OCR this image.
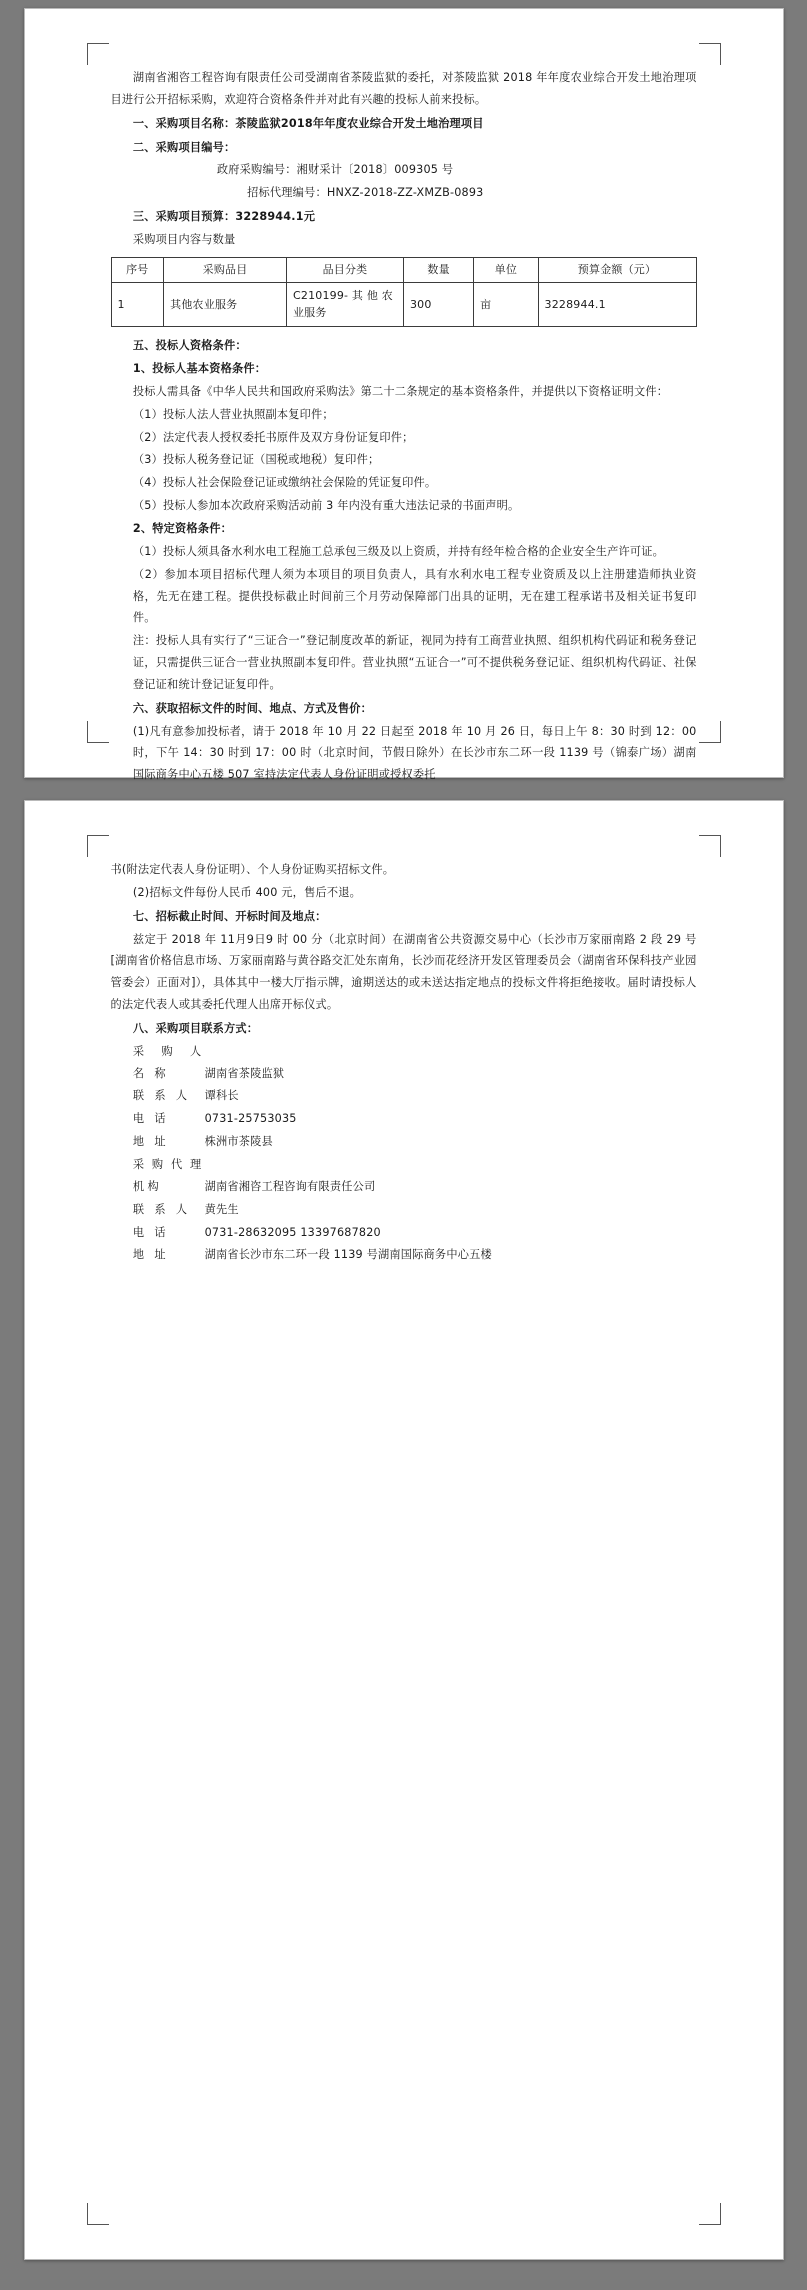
湖南省湘咨工程咨询有限责任公司受湖南省茶陵监狱的委托，对茶陵监狱 2018 年年度农业综合开发土地治理项目进行公开招标采购，欢迎符合资格条件并对此有兴趣的投标人前来投标。

一、采购项目名称：茶陵监狱2018年年度农业综合开发土地治理项目

二、采购项目编号：

政府采购编号：湘财采计〔2018〕009305 号

招标代理编号：HNXZ-2018-ZZ-XMZB-0893

三、采购项目预算：3228944.1元

采购项目内容与数量

序号	采购品目	品目分类	数量	单位	预算金额（元）
1	其他农业服务	C210199- 其 他 农业服务	300	亩	3228944.1

五、投标人资格条件：

1、投标人基本资格条件：

投标人需具备《中华人民共和国政府采购法》第二十二条规定的基本资格条件，并提供以下资格证明文件：

（1）投标人法人营业执照副本复印件；

（2）法定代表人授权委托书原件及双方身份证复印件；

（3）投标人税务登记证（国税或地税）复印件；

（4）投标人社会保险登记证或缴纳社会保险的凭证复印件。

（5）投标人参加本次政府采购活动前 3 年内没有重大违法记录的书面声明。

2、特定资格条件：

（1）投标人须具备水利水电工程施工总承包三级及以上资质，并持有经年检合格的企业安全生产许可证。

（2）参加本项目招标代理人须为本项目的项目负责人，具有水利水电工程专业资质及以上注册建造师执业资格，先无在建工程。提供投标截止时间前三个月劳动保障部门出具的证明，无在建工程承诺书及相关证书复印件。

注：投标人具有实行了“三证合一”登记制度改革的新证，视同为持有工商营业执照、组织机构代码证和税务登记证，只需提供三证合一营业执照副本复印件。营业执照“五证合一”可不提供税务登记证、组织机构代码证、社保登记证和统计登记证复印件。

六、获取招标文件的时间、地点、方式及售价：

(1)凡有意参加投标者，请于 2018 年 10 月 22 日起至 2018 年 10 月 26 日，每日上午 8：30 时到 12：00 时，下午 14：30 时到 17：00 时（北京时间，节假日除外）在长沙市东二环一段 1139 号（锦泰广场）湖南国际商务中心五楼 507 室持法定代表人身份证明或授权委托

书(附法定代表人身份证明）、个人身份证购买招标文件。

(2)招标文件每份人民币 400 元，售后不退。

七、招标截止时间、开标时间及地点：

兹定于 2018 年 11月9日9 时 00 分（北京时间）在湖南省公共资源交易中心（长沙市万家丽南路 2 段 29 号 [湖南省价格信息市场、万家丽南路与黄谷路交汇处东南角，长沙而花经济开发区管理委员会（湖南省环保科技产业园管委会）正面对]），具体其中一楼大厅指示牌，逾期送达的或未送达指定地点的投标文件将拒绝接收。届时请投标人的法定代表人或其委托代理人出席开标仪式。

八、采购项目联系方式：

采 购 人 名 称	湖南省茶陵监狱

联 系 人 谭科长

电 话	0731-25753035

地 址	株洲市茶陵县

采购代理机构	湖南省湘咨工程咨询有限责任公司

联 系 人 黄先生

电 话	0731-28632095 13397687820

地 址	湖南省长沙市东二环一段 1139 号湖南国际商务中心五楼
